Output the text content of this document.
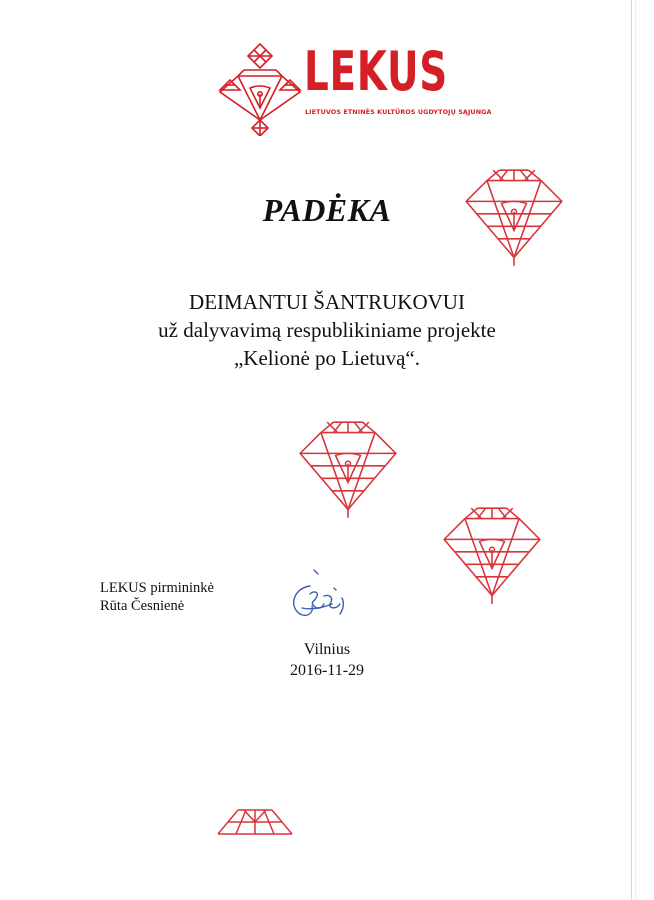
LEKUS
LIETUVOS ETNINĖS KULTŪROS UGDYTOJŲ SĄJUNGA
PADĖKA
DEIMANTUI ŠANTRUKOVUI
už dalyvavimą respublikiniame projekte
„Kelionė po Lietuvą“.
LEKUS pirmininkė
Rūta Česnienė
Vilnius
2016-11-29
